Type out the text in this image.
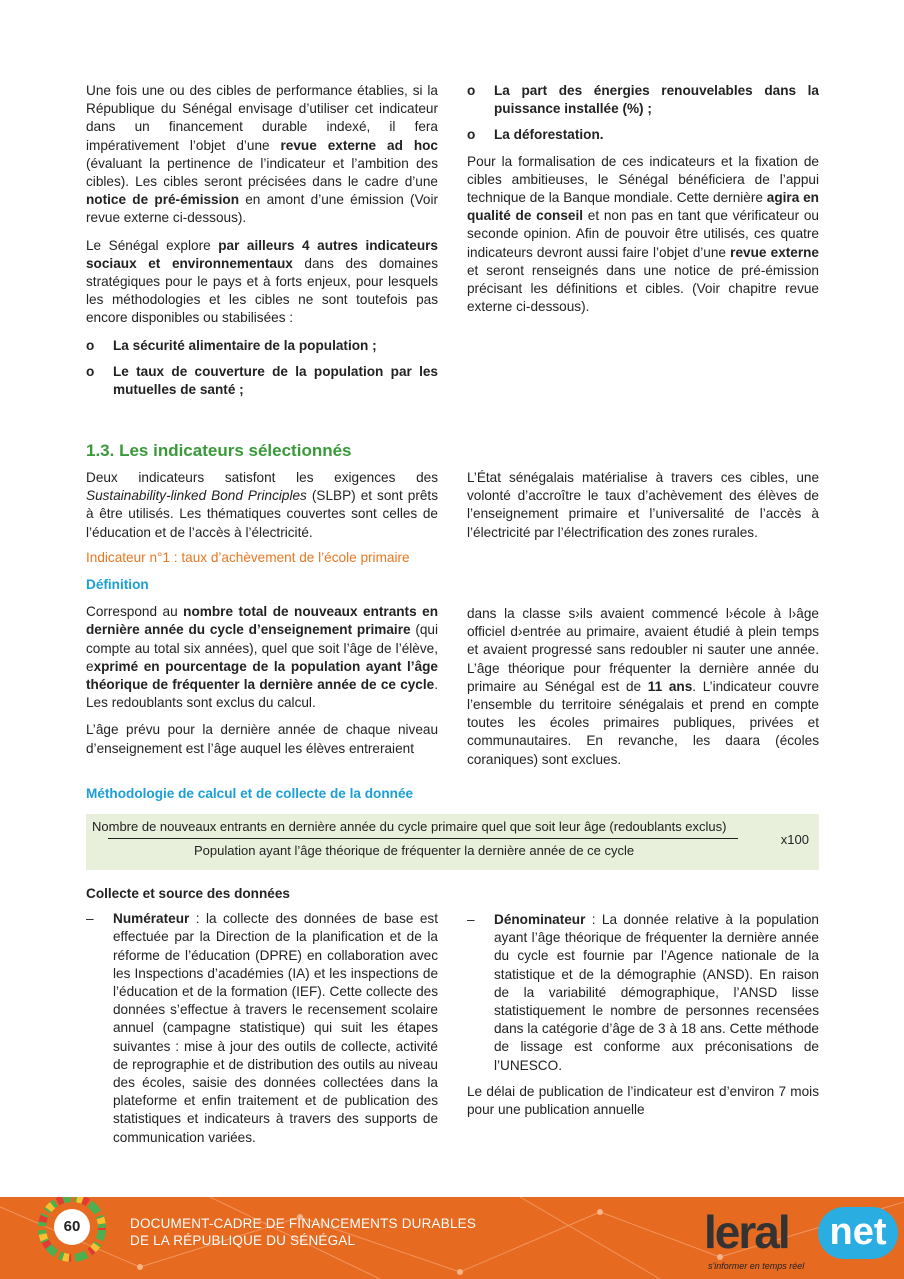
Une fois une ou des cibles de performance établies, si la République du Sénégal envisage d’utiliser cet indicateur dans un financement durable indexé, il fera impérativement l’objet d’une revue externe ad hoc (évaluant la pertinence de l’indicateur et l’ambition des cibles). Les cibles seront précisées dans le cadre d’une notice de pré-émission en amont d’une émission (Voir revue externe ci-dessous).

Le Sénégal explore par ailleurs 4 autres indicateurs sociaux et environnementaux dans des domaines stratégiques pour le pays et à forts enjeux, pour lesquels les méthodologies et les cibles ne sont toutefois pas encore disponibles ou stabilisées :

o	La sécurité alimentaire de la population ;
o	Le taux de couverture de la population par les mutuelles de santé ;
o	La part des énergies renouvelables dans la puissance installée (%) ;
o	La déforestation.

Pour la formalisation de ces indicateurs et la fixation de cibles ambitieuses, le Sénégal bénéficiera de l’appui technique de la Banque mondiale. Cette dernière agira en qualité de conseil et non pas en tant que vérificateur ou seconde opinion. Afin de pouvoir être utilisés, ces quatre indicateurs devront aussi faire l’objet d’une revue externe et seront renseignés dans une notice de pré-émission précisant les définitions et cibles. (Voir chapitre revue externe ci-dessous).

1.3. Les indicateurs sélectionnés

Deux indicateurs satisfont les exigences des Sustainability-linked Bond Principles (SLBP) et sont prêts à être utilisés. Les thématiques couvertes sont celles de l’éducation et de l’accès à l’électricité.

Indicateur n°1 : taux d’achèvement de l’école primaire

Définition

Correspond au nombre total de nouveaux entrants en dernière année du cycle d’enseignement primaire (qui compte au total six années), quel que soit l’âge de l’élève, exprimé en pourcentage de la population ayant l’âge théorique de fréquenter la dernière année de ce cycle. Les redoublants sont exclus du calcul.

L’âge prévu pour la dernière année de chaque niveau d’enseignement est l’âge auquel les élèves entreraient

L’État sénégalais matérialise à travers ces cibles, une volonté d’accroître le taux d’achèvement des élèves de l’enseignement primaire et l’universalité de l’accès à l’électricité par l’électrification des zones rurales.

dans la classe s›ils avaient commencé l›école à l›âge officiel d›entrée au primaire, avaient étudié à plein temps et avaient progressé sans redoubler ni sauter une année. L’âge théorique pour fréquenter la dernière année du primaire au Sénégal est de 11 ans. L’indicateur couvre l’ensemble du territoire sénégalais et prend en compte toutes les écoles primaires publiques, privées et communautaires. En revanche, les daara (écoles coraniques) sont exclues.

Méthodologie de calcul et de collecte de la donnée

Nombre de nouveaux entrants en dernière année du cycle primaire quel que soit leur âge (redoublants exclus)
Population ayant l’âge théorique de fréquenter la dernière année de ce cycle
x100

Collecte et source des données

–	Numérateur : la collecte des données de base est effectuée par la Direction de la planification et de la réforme de l’éducation (DPRE) en collaboration avec les Inspections d’académies (IA) et les inspections de l’éducation et de la formation (IEF). Cette collecte des données s’effectue à travers le recensement scolaire annuel (campagne statistique) qui suit les étapes suivantes : mise à jour des outils de collecte, activité de reprographie et de distribution des outils au niveau des écoles, saisie des données collectées dans la plateforme et enfin traitement et de publication des statistiques et indicateurs à travers des supports de communication variées.
–	Dénominateur : La donnée relative à la population ayant l’âge théorique de fréquenter la dernière année du cycle est fournie par l’Agence nationale de la statistique et de la démographie (ANSD). En raison de la variabilité démographique, l’ANSD lisse statistiquement le nombre de personnes recensées dans la catégorie d’âge de 3 à 18 ans. Cette méthode de lissage est conforme aux préconisations de l’UNESCO.

Le délai de publication de l’indicateur est d’environ 7 mois pour une publication annuelle

60	DOCUMENT-CADRE DE FINANCEMENTS DURABLES
DE LA RÉPUBLIQUE DU SÉNÉGAL	leral	net
s'informer en temps réel
